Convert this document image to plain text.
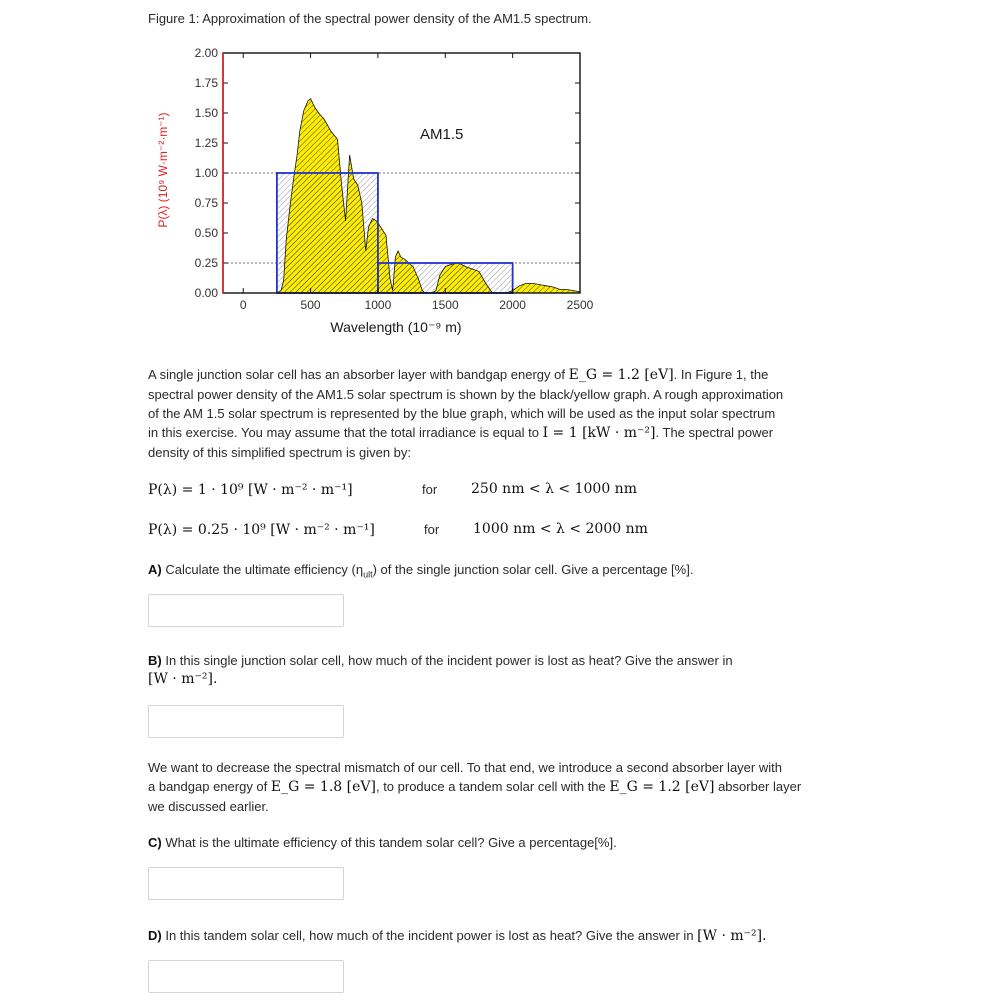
Figure 1: Approximation of the spectral power density of the AM1.5 spectrum.
0.00
0.25
0.50
0.75
1.00
1.25
1.50
1.75
2.00
0	500	1000	1500	2000	2500
AM1.5
Wavelength (10⁻⁹ m)
P(λ) (10⁹ W·m⁻²·m⁻¹)
A single junction solar cell has an absorber layer with bandgap energy of E_G = 1.2 [eV]. In Figure 1, the
spectral power density of the AM1.5 solar spectrum is shown by the black/yellow graph. A rough approximation
of the AM 1.5 solar spectrum is represented by the blue graph, which will be used as the input solar spectrum
in this exercise. You may assume that the total irradiance is equal to I = 1 [kW · m⁻²]. The spectral power
density of this simplified spectrum is given by:
P(λ) = 1 · 10⁹ [W · m⁻² · m⁻¹]	for 250 nm < λ < 1000 nm
P(λ) = 0.25 · 10⁹ [W · m⁻² · m⁻¹]	for 1000 nm < λ < 2000 nm
A) Calculate the ultimate efficiency $(\eta_{ult})$ of the single junction solar cell. Give a percentage [%].
B) In this single junction solar cell, how much of the incident power is lost as heat? Give the answer in
[W · m⁻²].
We want to decrease the spectral mismatch of our cell. To that end, we introduce a second absorber layer with
a bandgap energy of E_G = 1.8 [eV], to produce a tandem solar cell with the E_G = 1.2 [eV] absorber layer
we discussed earlier.
C) What is the ultimate efficiency of this tandem solar cell? Give a percentage[%].
D) In this tandem solar cell, how much of the incident power is lost as heat? Give the answer in [W · m⁻²].
